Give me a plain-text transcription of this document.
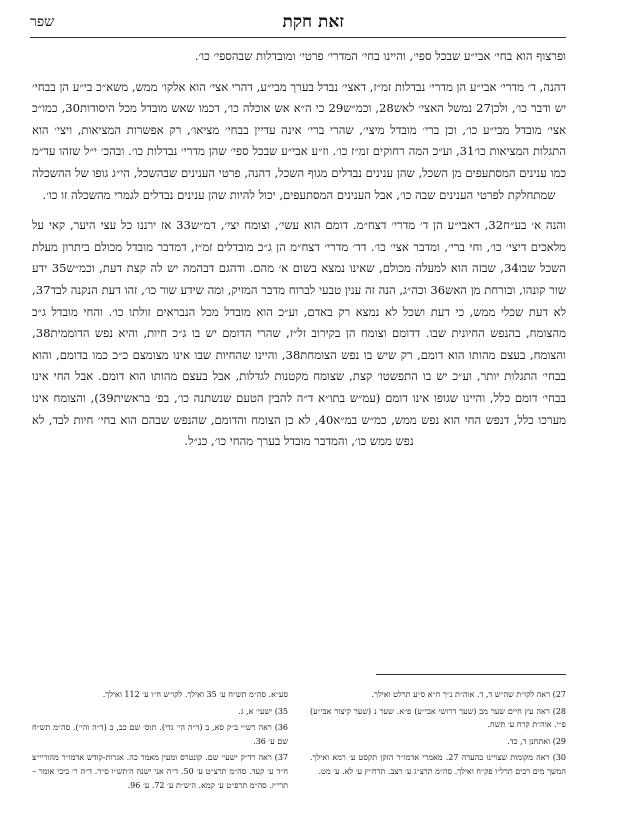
זאת חקת
שפר

ופרצוף הוא בחי׳ אבי״ע שבכל ספי׳, והיינו בחי׳ המדרי׳ פרטי׳ ומובדלות שבהספי׳ כו׳.

דהנה, ד׳ מדרי׳ אבי״ע הן מדרי׳ נבדלות זמ״ז, דאצי׳ נבדל בערך מבי״ע, דהרי אצי׳ הוא אלקו׳ ממש, משא״כ בי״ע הן בבחי׳ יש ודבר כו׳, ולכן27 נמשל האצי׳ לאש28, וכמ״ש29 כי ה״א אש אוכלה כו׳, דכמו שאש מובדל מכל היסודות30, כמו״כ אצי׳ מובדל מבי״ע כו׳, וכן ברי׳ מובדל מיצי׳, שהרי ברי׳ אינה עדיין בבחי׳ מציאו׳, רק אפשרות המציאות, ויצי׳ הוא התגלות המציאות כו׳31, וע״כ המה רחוקים זמ״ז כו׳. וז״ע אבי״ע שבכל ספי׳ שהן מדרי׳ נבדלות כו׳. ובהכ׳ י״ל שזהו עד״מ כמו ענינים המסתעפים מן השכל, שהן ענינים נבדלים מגוף השכל, דהנה, פרטי הענינים שבהשכל, הי״ג גופו של ההשכלה שמתחלקת לפרטי הענינים שבה כו׳, אבל הענינים המסתעפים, יכול להיות שהן ענינים נבדלים לגמרי מהשכלה זו כו׳.

והנה א׳ בע״ח32, דאבי״ע הן ד׳ מדרי׳ דצח״מ. דומם הוא עשי׳, וצומח יצי׳, דמ״ש33 אז ירננו כל עצי היער, קאי על מלאכים דיצי׳ כו׳, וחי ברי׳, ומדבר אצי׳ כו׳. דד׳ מדרי׳ דצח״מ הן ג״כ מובדלים זמ״ז, דמדבר מובדל מכולם ביתרון מעלת השכל שבו34, שבזה הוא למעלה מכולם, שאינו נמצא בשום א׳ מהם. ודהגם דבהמה יש לה קצת דעת, וכמ״ש35 ידע שור קונהו, ובורחת מן האש36 וכה״ג, הנה זה ענין טבעי לברוח מדבר המזיק, ומה שידע שור כו׳, זהו דעת הנקנה לבד37, לא דעת שכלי ממש, כי דעת ושכל לא נמצא רק באדם, וע״כ הוא מובדל מכל הנבראים זולתו כו׳. והחי מובדל ג״כ מהצומח, בהנפש החיונית שבו. דדומם וצומח הן בקירוב זל״ז, שהרי הדומם יש בו ג״כ חיות, והיא נפש הדוממית38, והצומח, בעצם מהותו הוא דומם, רק שיש בו נפש הצומחת38, והיינו שהחיות שבו אינו מצומצם כ״כ כמו בדומם, והוא בבחי׳ התגלות יותר, וע״כ יש בו התפשטו׳ קצת, שצומח מקטנות לגדלות, אבל בעצם מהותו הוא דומם. אבל החי אינו בבחי׳ דומם כלל, והיינו שגופו אינו דומם (עמ״ש בתו״א ד״ה להבין הטעם שנשתנה כו׳, בפ׳ בראשית39), והצומח אינו מערכו כלל, דנפש החי הוא נפש ממש, כמ״ש במ״א40, לא כן הצומח והדומם, שהנפש שבהם הוא בחי׳ חיות לבד, לא נפש ממש כו׳, והמדבר מובדל בערך מהחי כו׳, כנ״ל.

27) ראה לקו״ת שה״ש ד, ד. אוה״ת נ״ך ח״א ס״ע תרלט ואילך.

28) ראה עץ חיים שער מב (שער דרושי אבי״ע) פ״א. שער נ (שער קיצור אבי״ע) פ״י. אוה״ת קרח ע׳ תשח.

29) ואתחנן ד, כד.

30) ראה מקומות שצויינו בהערה 27. מאמרי אדמו״ר הזקן תקסט ע׳ רמא ואילך. המשך מים רבים תרל״ו פק״ח ואילך. סה״מ תרצ״ג ע׳ רצב. תרח״ץ ע׳ לא. ע׳ מט.

סע״א. סה״מ תש״ח ע׳ 35 ואילך. לקו״ש ח״ו ע׳ 112 ואילך.

35) ישעי׳ א, ג.

36) ראה רש״י ב״ק סא, ב (ד״ה הי׳ גדי). תוס׳ שם כב, ב (ד״ה והי׳). סה״מ תש״ח שם ע׳ 36.

37) ראה רד״ק ישעי׳ שם. קונטרס ומעין מאמר כה. אגרות-קודש אדמו״ר מהוריי״צ ח״ד ע׳ קעד. סה״מ תרצ״ט ע׳ 50. ד״ה אני ישנה ה׳תש״ו ס״ד. ד״ה ר׳ ביבי אומר – תרי״ז. סה״מ תרפ״ט ע׳ קמא. ה׳ש״ת ע׳ 72. ע׳ 96.
